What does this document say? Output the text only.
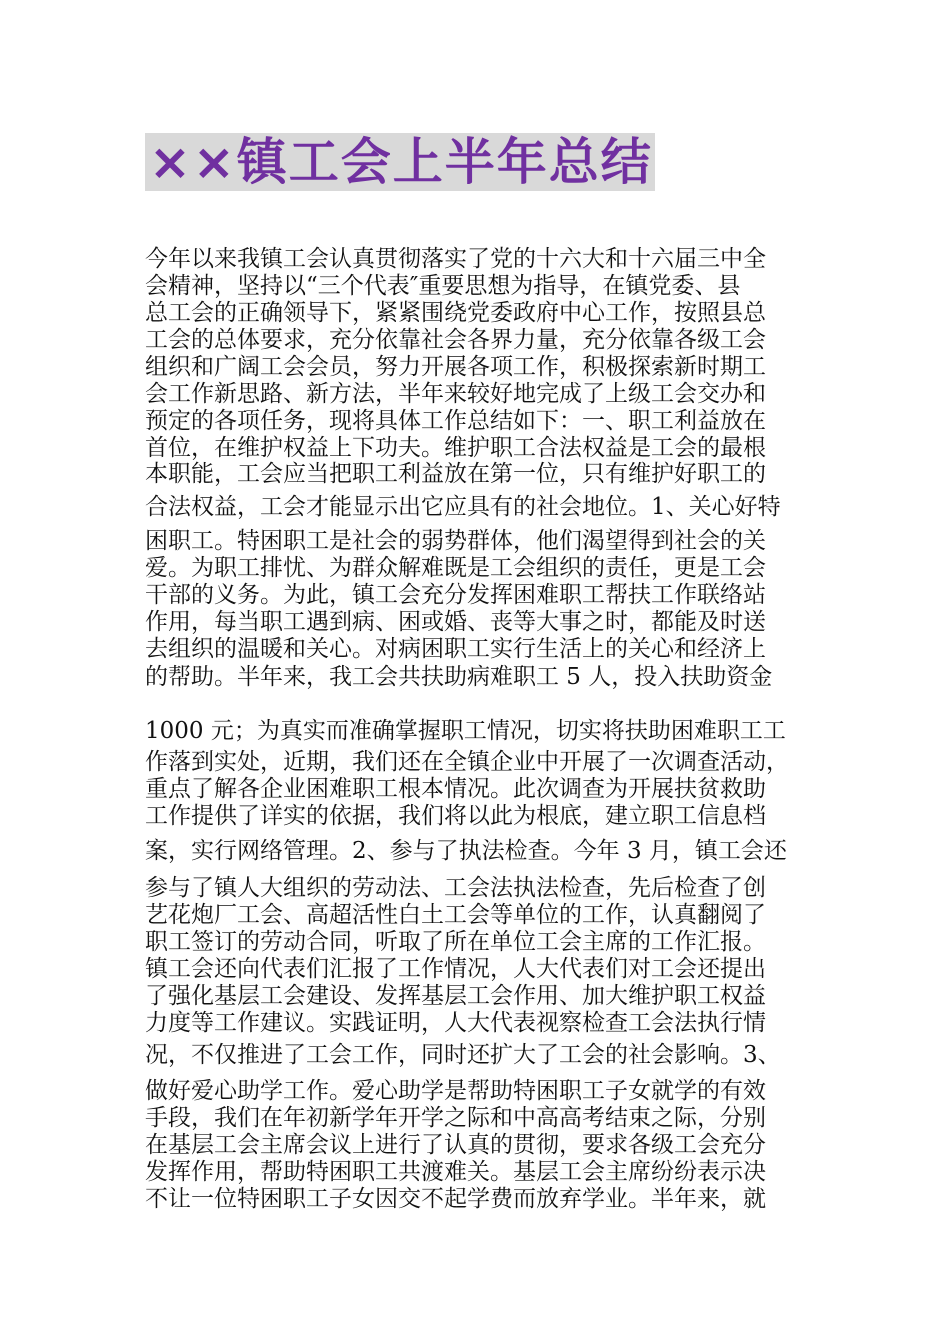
××镇工会上半年总结
今年以来我镇工会认真贯彻落实了党的十六大和十六届三中全
会精神，坚持以“三个代表″重要思想为指导，在镇党委、县
总工会的正确领导下，紧紧围绕党委政府中心工作，按照县总
工会的总体要求，充分依靠社会各界力量，充分依靠各级工会
组织和广阔工会会员，努力开展各项工作，积极探索新时期工
会工作新思路、新方法，半年来较好地完成了上级工会交办和
预定的各项任务，现将具体工作总结如下：一、职工利益放在
首位，在维护权益上下功夫。维护职工合法权益是工会的最根
本职能，工会应当把职工利益放在第一位，只有维护好职工的
合法权益，工会才能显示出它应具有的社会地位。1、关心好特
困职工。特困职工是社会的弱势群体，他们渴望得到社会的关
爱。为职工排忧、为群众解难既是工会组织的责任，更是工会
干部的义务。为此，镇工会充分发挥困难职工帮扶工作联络站
作用，每当职工遇到病、困或婚、丧等大事之时，都能及时送
去组织的温暖和关心。对病困职工实行生活上的关心和经济上
的帮助。半年来，我工会共扶助病难职工 5 人，投入扶助资金
1000 元；为真实而准确掌握职工情况，切实将扶助困难职工工
作落到实处，近期，我们还在全镇企业中开展了一次调查活动，
重点了解各企业困难职工根本情况。此次调查为开展扶贫救助
工作提供了详实的依据，我们将以此为根底，建立职工信息档
案，实行网络管理。2、参与了执法检查。今年 3 月，镇工会还
参与了镇人大组织的劳动法、工会法执法检查，先后检查了创
艺花炮厂工会、高超活性白土工会等单位的工作，认真翻阅了
职工签订的劳动合同，听取了所在单位工会主席的工作汇报。
镇工会还向代表们汇报了工作情况，人大代表们对工会还提出
了强化基层工会建设、发挥基层工会作用、加大维护职工权益
力度等工作建议。实践证明，人大代表视察检查工会法执行情
况，不仅推进了工会工作，同时还扩大了工会的社会影响。3、
做好爱心助学工作。爱心助学是帮助特困职工子女就学的有效
手段，我们在年初新学年开学之际和中高高考结束之际，分别
在基层工会主席会议上进行了认真的贯彻，要求各级工会充分
发挥作用，帮助特困职工共渡难关。基层工会主席纷纷表示决
不让一位特困职工子女因交不起学费而放弃学业。半年来，就
